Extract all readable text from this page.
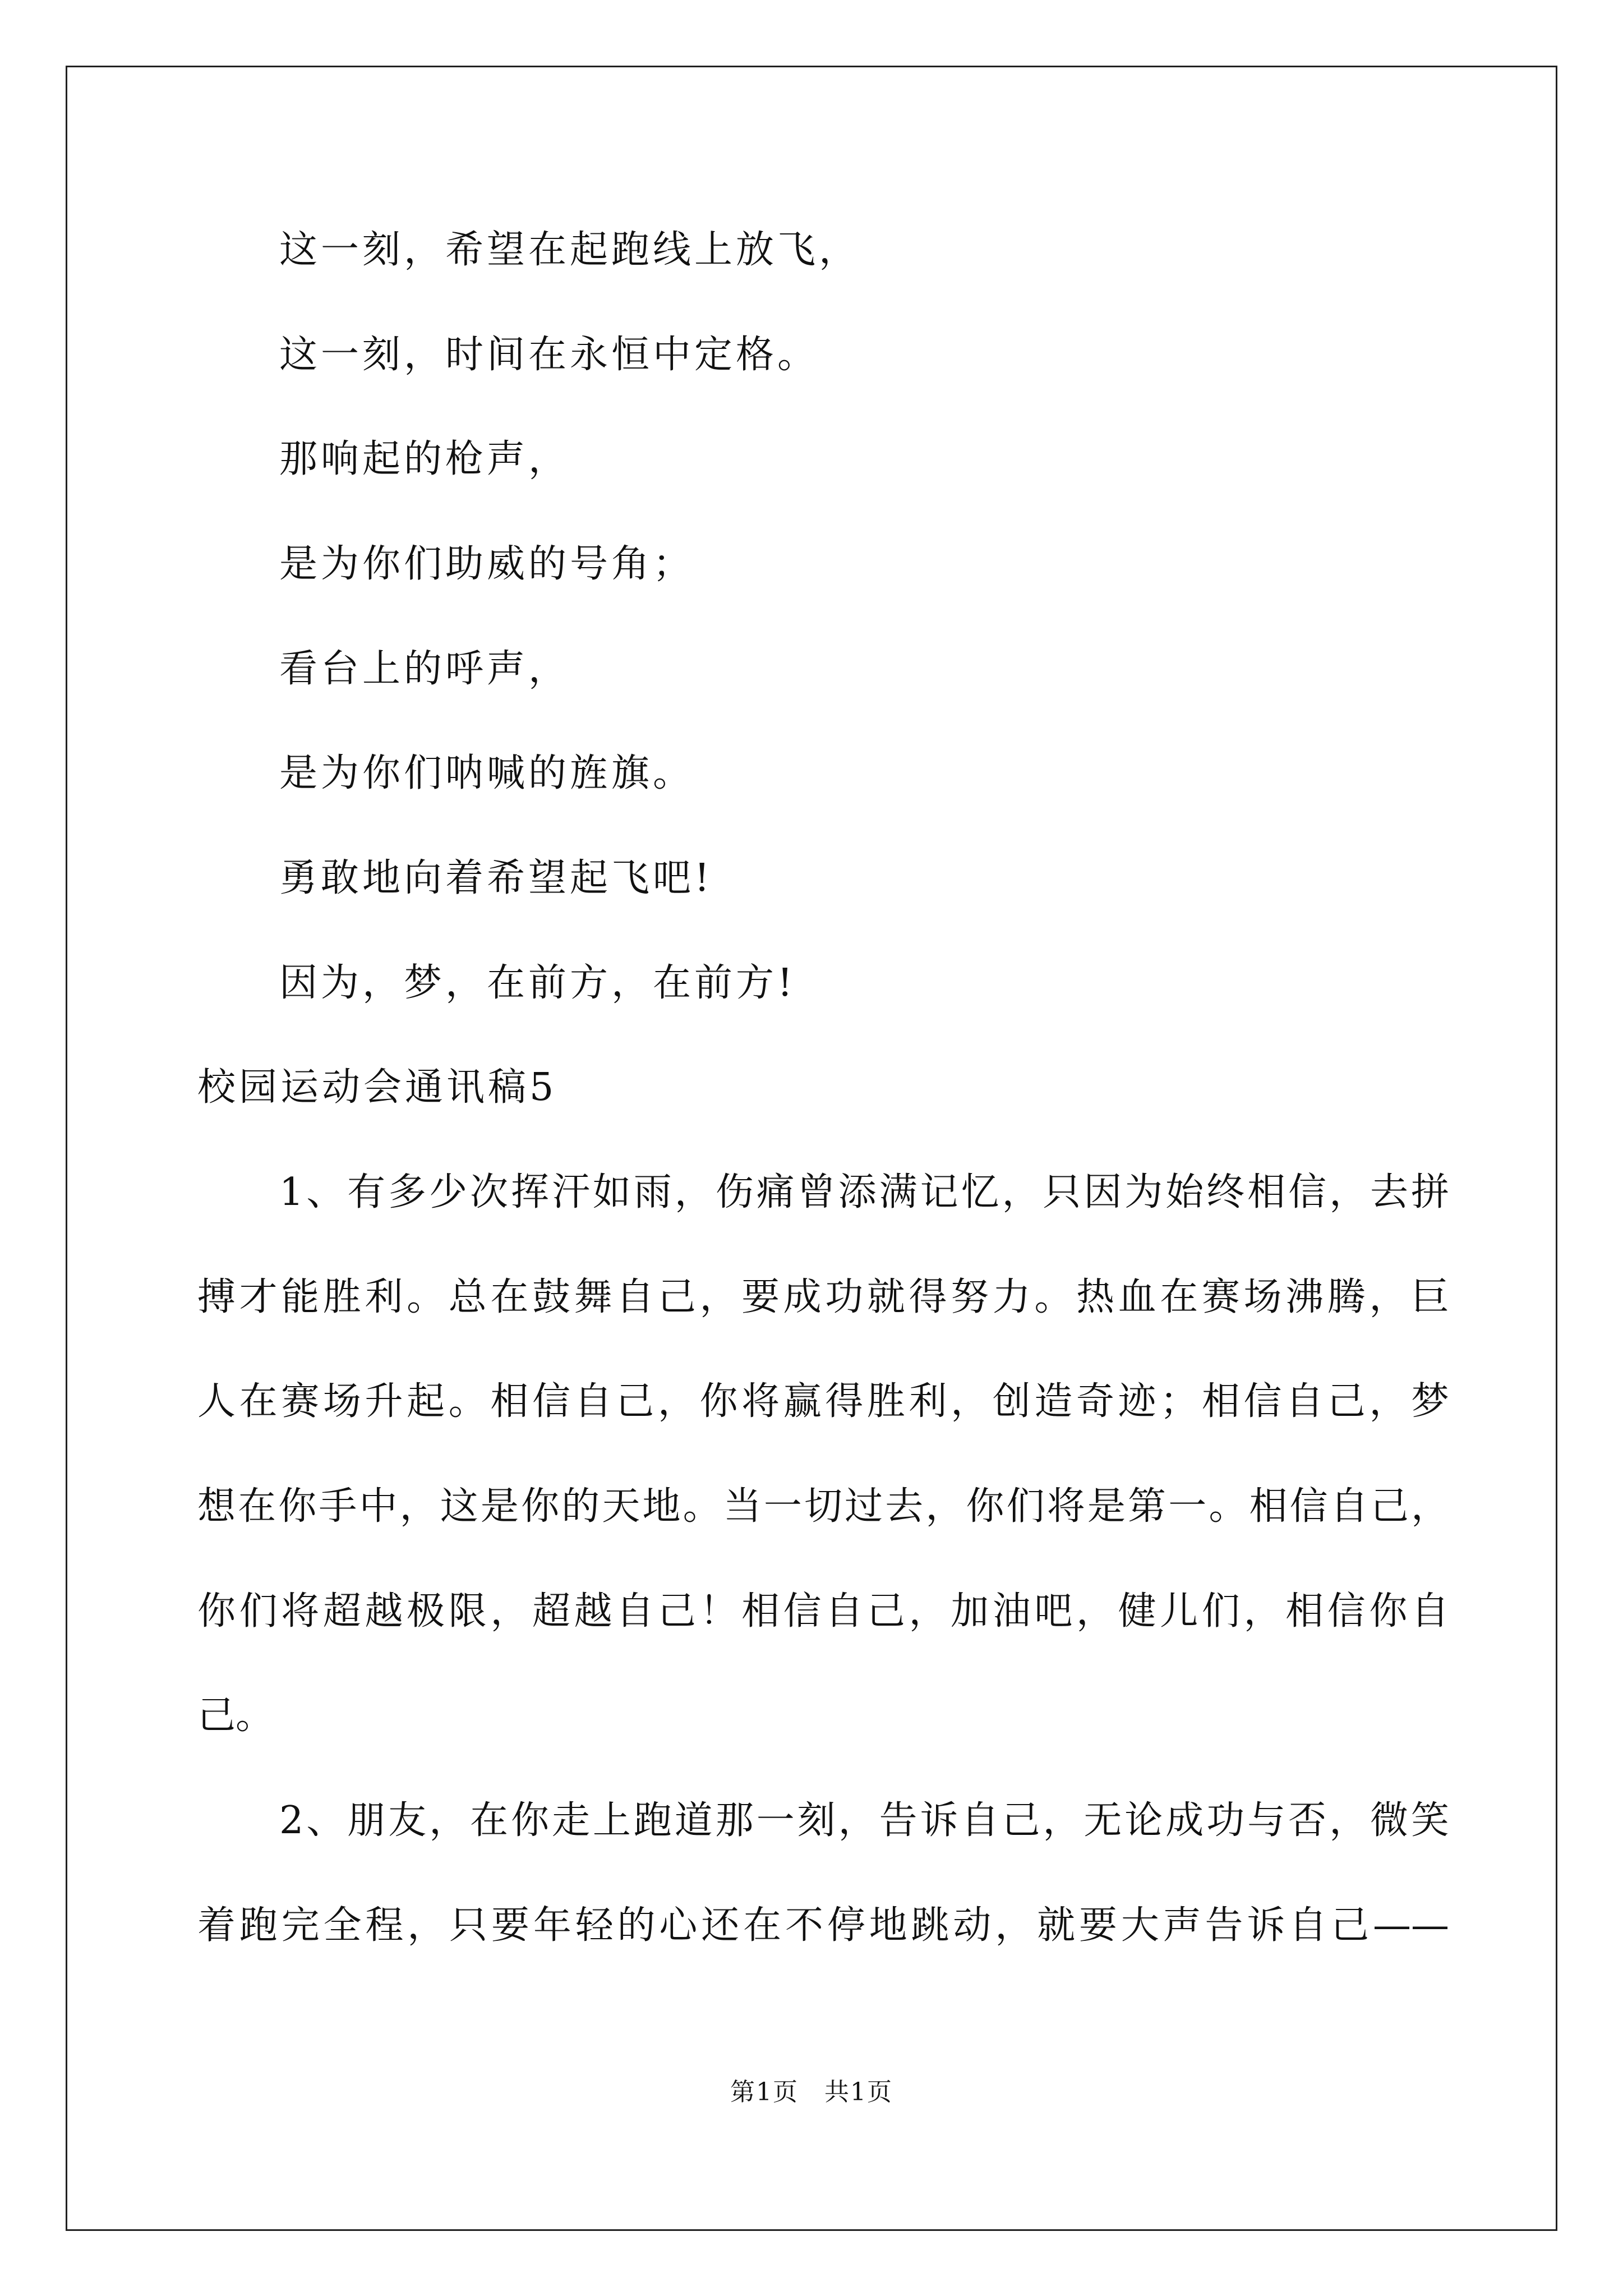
这一刻，希望在起跑线上放飞，
这一刻，时间在永恒中定格。
那响起的枪声，
是为你们助威的号角；
看台上的呼声，
是为你们呐喊的旌旗。
勇敢地向着希望起飞吧!
因为，梦，在前方，在前方!
校园运动会通讯稿5
1、有多少次挥汗如雨，伤痛曾添满记忆，只因为始终相信，去拼
搏才能胜利。总在鼓舞自己，要成功就得努力。热血在赛场沸腾，巨
人在赛场升起。相信自己，你将赢得胜利，创造奇迹；相信自己，梦
想在你手中，这是你的天地。当一切过去，你们将是第一。相信自己，
你们将超越极限，超越自己！相信自己，加油吧，健儿们，相信你自
己。
2、朋友，在你走上跑道那一刻，告诉自己，无论成功与否，微笑
着跑完全程，只要年轻的心还在不停地跳动，就要大声告诉自己——
第1页　共1页
